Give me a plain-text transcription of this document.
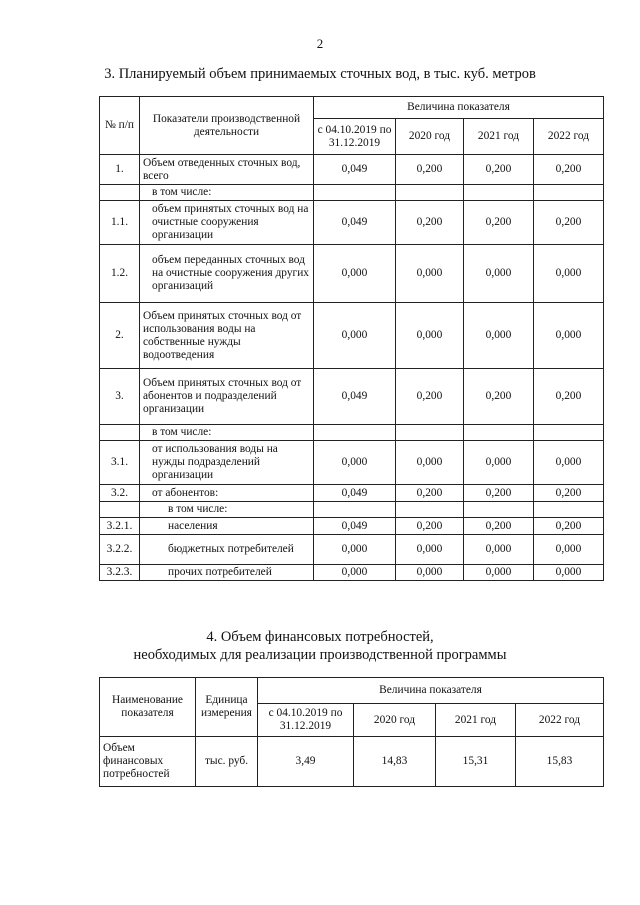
2
3. Планируемый объем принимаемых сточных вод, в тыс. куб. метров
№ п/п	Показатели производственной деятельности	Величина показателя			
		с 04.10.2019 по 31.12.2019	2020 год	2021 год	2022 год
1.	Объем отведенных сточных вод, всего	0,049	0,200	0,200	0,200
	в том числе:				
1.1.	объем принятых сточных вод на очистные сооружения организации	0,049	0,200	0,200	0,200
1.2.	объем переданных сточных вод на очистные сооружения других организаций	0,000	0,000	0,000	0,000
2.	Объем принятых сточных вод от использования воды на собственные нужды водоотведения	0,000	0,000	0,000	0,000
3.	Объем принятых сточных вод от абонентов и подразделений организации	0,049	0,200	0,200	0,200
	в том числе:				
3.1.	от использования воды на нужды подразделений организации	0,000	0,000	0,000	0,000
3.2.	от абонентов:	0,049	0,200	0,200	0,200
	в том числе:				
3.2.1.	населения	0,049	0,200	0,200	0,200
3.2.2.	бюджетных потребителей	0,000	0,000	0,000	0,000
3.2.3.	прочих потребителей	0,000	0,000	0,000	0,000
4. Объем финансовых потребностей,
необходимых для реализации производственной программы
Наименование показателя	Единица измерения	Величина показателя			
		с 04.10.2019 по 31.12.2019	2020 год	2021 год	2022 год
Объем финансовых потребностей	тыс. руб.	3,49	14,83	15,31	15,83
